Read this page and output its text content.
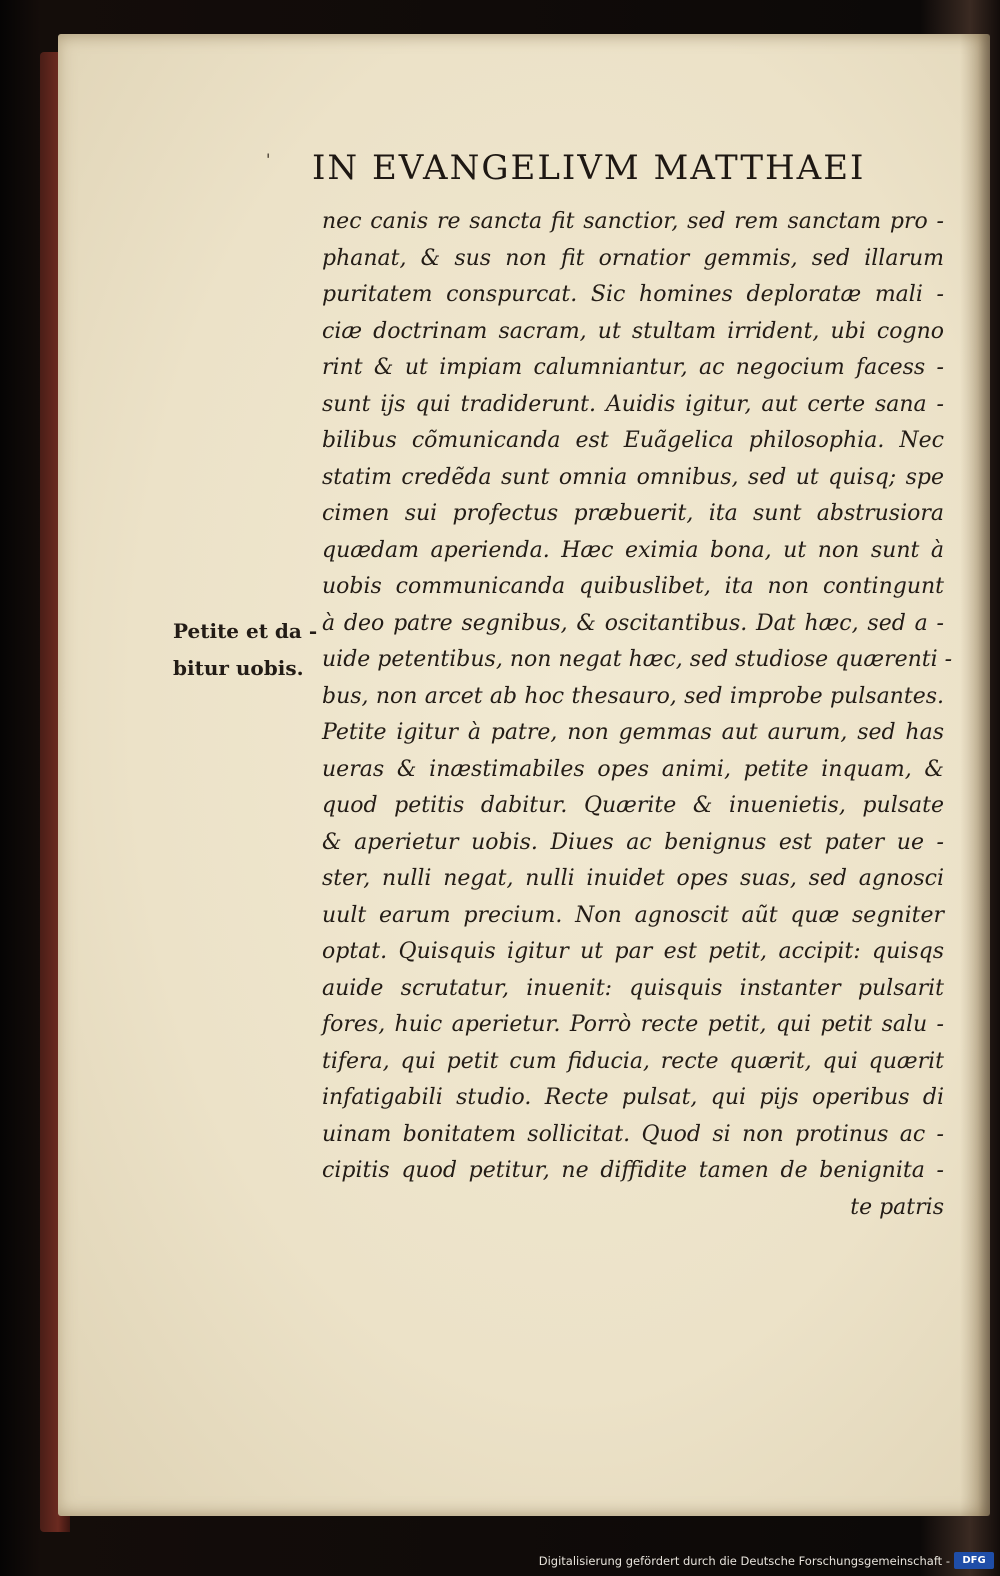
' IN EVANGELIVM MATTHAEI
nec canis re sancta fit sanctior, sed rem sanctam pro -
phanat, & sus non fit ornatior gemmis, sed illarum
puritatem conspurcat. Sic homines deploratæ mali -
ciæ doctrinam sacram, ut stultam irrident, ubi cogno
rint & ut impiam calumniantur, ac negocium facess -
sunt ijs qui tradiderunt. Auidis igitur, aut certe sana -
bilibus cõmunicanda est Euãgelica philosophia. Nec
statim credẽda sunt omnia omnibus, sed ut quisq; spe
cimen sui profectus præbuerit, ita sunt abstrusiora
quædam aperienda. Hæc eximia bona, ut non sunt à
uobis communicanda quibuslibet, ita non contingunt
à deo patre segnibus, & oscitantibus. Dat hæc, sed a -
uide petentibus, non negat hæc, sed studiose quærenti -
bus, non arcet ab hoc thesauro, sed improbe pulsantes.
Petite igitur à patre, non gemmas aut aurum, sed has
ueras & inæstimabiles opes animi, petite inquam, &
quod petitis dabitur. Quærite & inuenietis, pulsate
& aperietur uobis. Diues ac benignus est pater ue -
ster, nulli negat, nulli inuidet opes suas, sed agnosci
uult earum precium. Non agnoscit aũt quæ segniter
optat. Quisquis igitur ut par est petit, accipit: quisqs
auide scrutatur, inuenit: quisquis instanter pulsarit
fores, huic aperietur. Porrò recte petit, qui petit salu -
tifera, qui petit cum fiducia, recte quærit, qui quærit
infatigabili studio. Recte pulsat, qui pijs operibus di
uinam bonitatem sollicitat. Quod si non protinus ac -
cipitis quod petitur, ne diffidite tamen de benignita -
te patris
Petite et da -
bitur uobis.
Digitalisierung gefördert durch die Deutsche Forschungsgemeinschaft -	DFG
